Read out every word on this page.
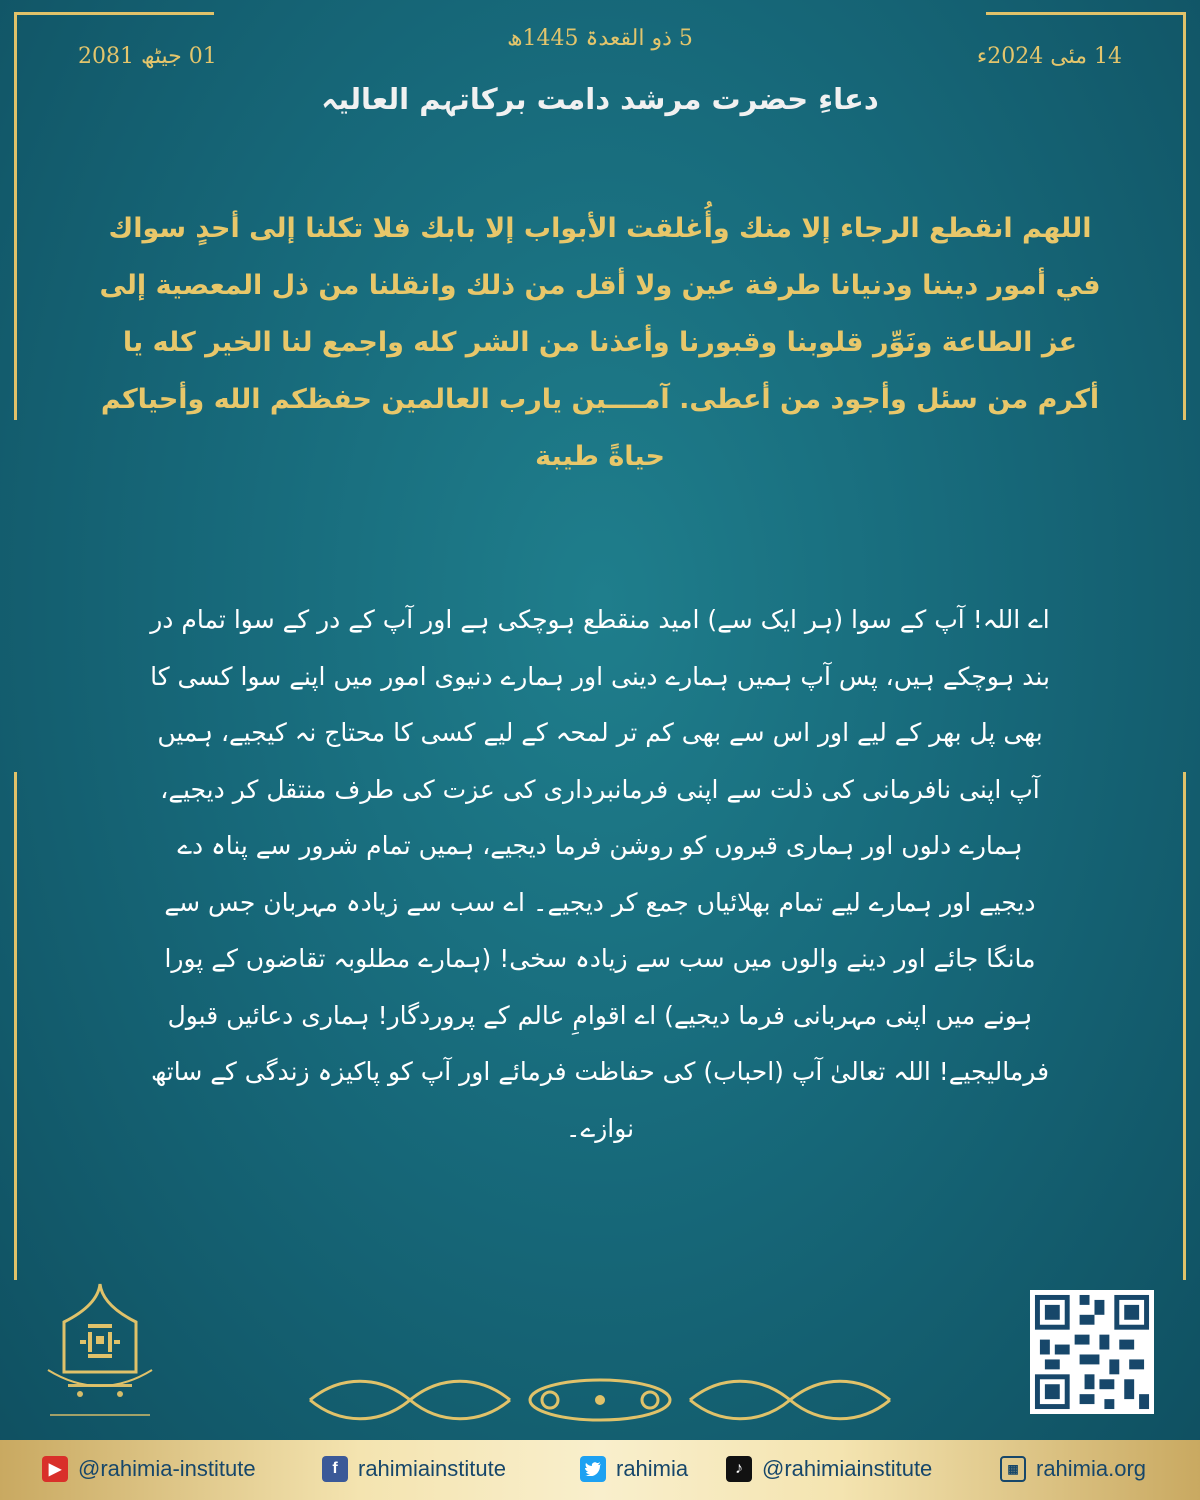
14 مئی 2024ء
5 ذو القعدۃ 1445ھ
01 جیٹھ 2081
دعاءِ حضرت مرشد دامت برکاتہم العالیہ
اللهم انقطع الرجاء إلا منك وأُغلقت الأبواب إلا بابك فلا تكلنا إلى أحدٍ سواك في أمور ديننا ودنيانا طرفة عين ولا أقل من ذلك وانقلنا من ذل المعصية إلى عز الطاعة ونَوِّر قلوبنا وقبورنا وأعذنا من الشر كله واجمع لنا الخير كله يا أكرم من سئل وأجود من أعطى. آمــــين يارب العالمين حفظكم الله وأحياكم حياةً طيبة
اے اللہ! آپ کے سوا (ہر ایک سے) امید منقطع ہوچکی ہے اور آپ کے در کے سوا تمام در بند ہوچکے ہیں، پس آپ ہمیں ہمارے دینی اور ہمارے دنیوی امور میں اپنے سوا کسی کا بھی پل بھر کے لیے اور اس سے بھی کم تر لمحہ کے لیے کسی کا محتاج نہ کیجیے، ہمیں آپ اپنی نافرمانی کی ذلت سے اپنی فرمانبرداری کی عزت کی طرف منتقل کر دیجیے، ہمارے دلوں اور ہماری قبروں کو روشن فرما دیجیے، ہمیں تمام شرور سے پناہ دے دیجیے اور ہمارے لیے تمام بھلائیاں جمع کر دیجیے۔ اے سب سے زیادہ مہربان جس سے مانگا جائے اور دینے والوں میں سب سے زیادہ سخی! (ہمارے مطلوبہ تقاضوں کے پورا ہونے میں اپنی مہربانی فرما دیجیے) اے اقوامِ عالم کے پروردگار! ہماری دعائیں قبول فرمالیجیے! اللہ تعالیٰ آپ (احباب) کی حفاظت فرمائے اور آپ کو پاکیزہ زندگی کے ساتھ نوازے۔
▶ @rahimia-institute	f rahimiainstitute	rahimia	♪ @rahimiainstitute	▦ rahimia.org
